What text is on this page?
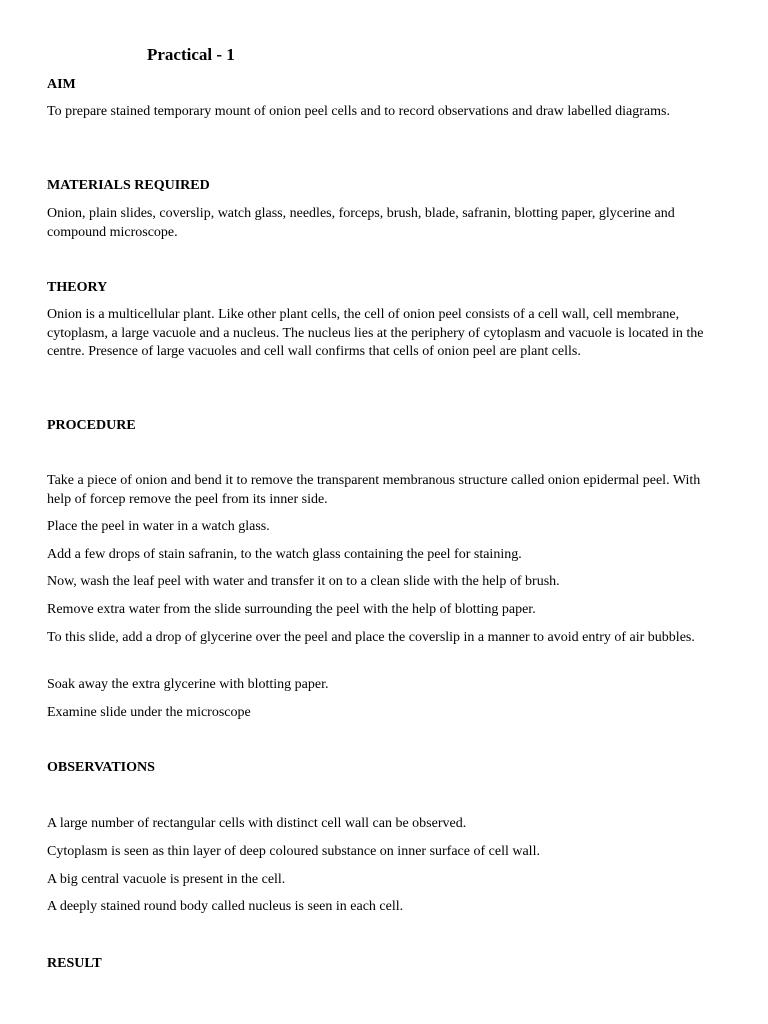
Practical - 1
AIM

To prepare stained temporary mount of onion peel cells and to record observations and draw labelled diagrams.

MATERIALS REQUIRED

Onion, plain slides, coverslip, watch glass, needles, forceps, brush, blade, safranin, blotting paper, glycerine and compound microscope.

THEORY

Onion is a multicellular plant. Like other plant cells, the cell of onion peel consists of a cell wall, cell membrane, cytoplasm, a large vacuole and a nucleus. The nucleus lies at the periphery of cytoplasm and vacuole is located in the centre. Presence of large vacuoles and cell wall confirms that cells of onion peel are plant cells.

PROCEDURE

Take a piece of onion and bend it to remove the transparent membranous structure called onion epidermal peel. With help of forcep remove the peel from its inner side.

Place the peel in water in a watch glass.

Add a few drops of stain safranin, to the watch glass containing the peel for staining.

Now, wash the leaf peel with water and transfer it on to a clean slide with the help of brush.

Remove extra water from the slide surrounding the peel with the help of blotting paper.

To this slide, add a drop of glycerine over the peel and place the coverslip in a manner to avoid entry of air bubbles.

Soak away the extra glycerine with blotting paper.

Examine slide under the microscope

OBSERVATIONS

A large number of rectangular cells with distinct cell wall can be observed.

Cytoplasm is seen as thin layer of deep coloured substance on inner surface of cell wall.

A big central vacuole is present in the cell.

A deeply stained round body called nucleus is seen in each cell.

RESULT
